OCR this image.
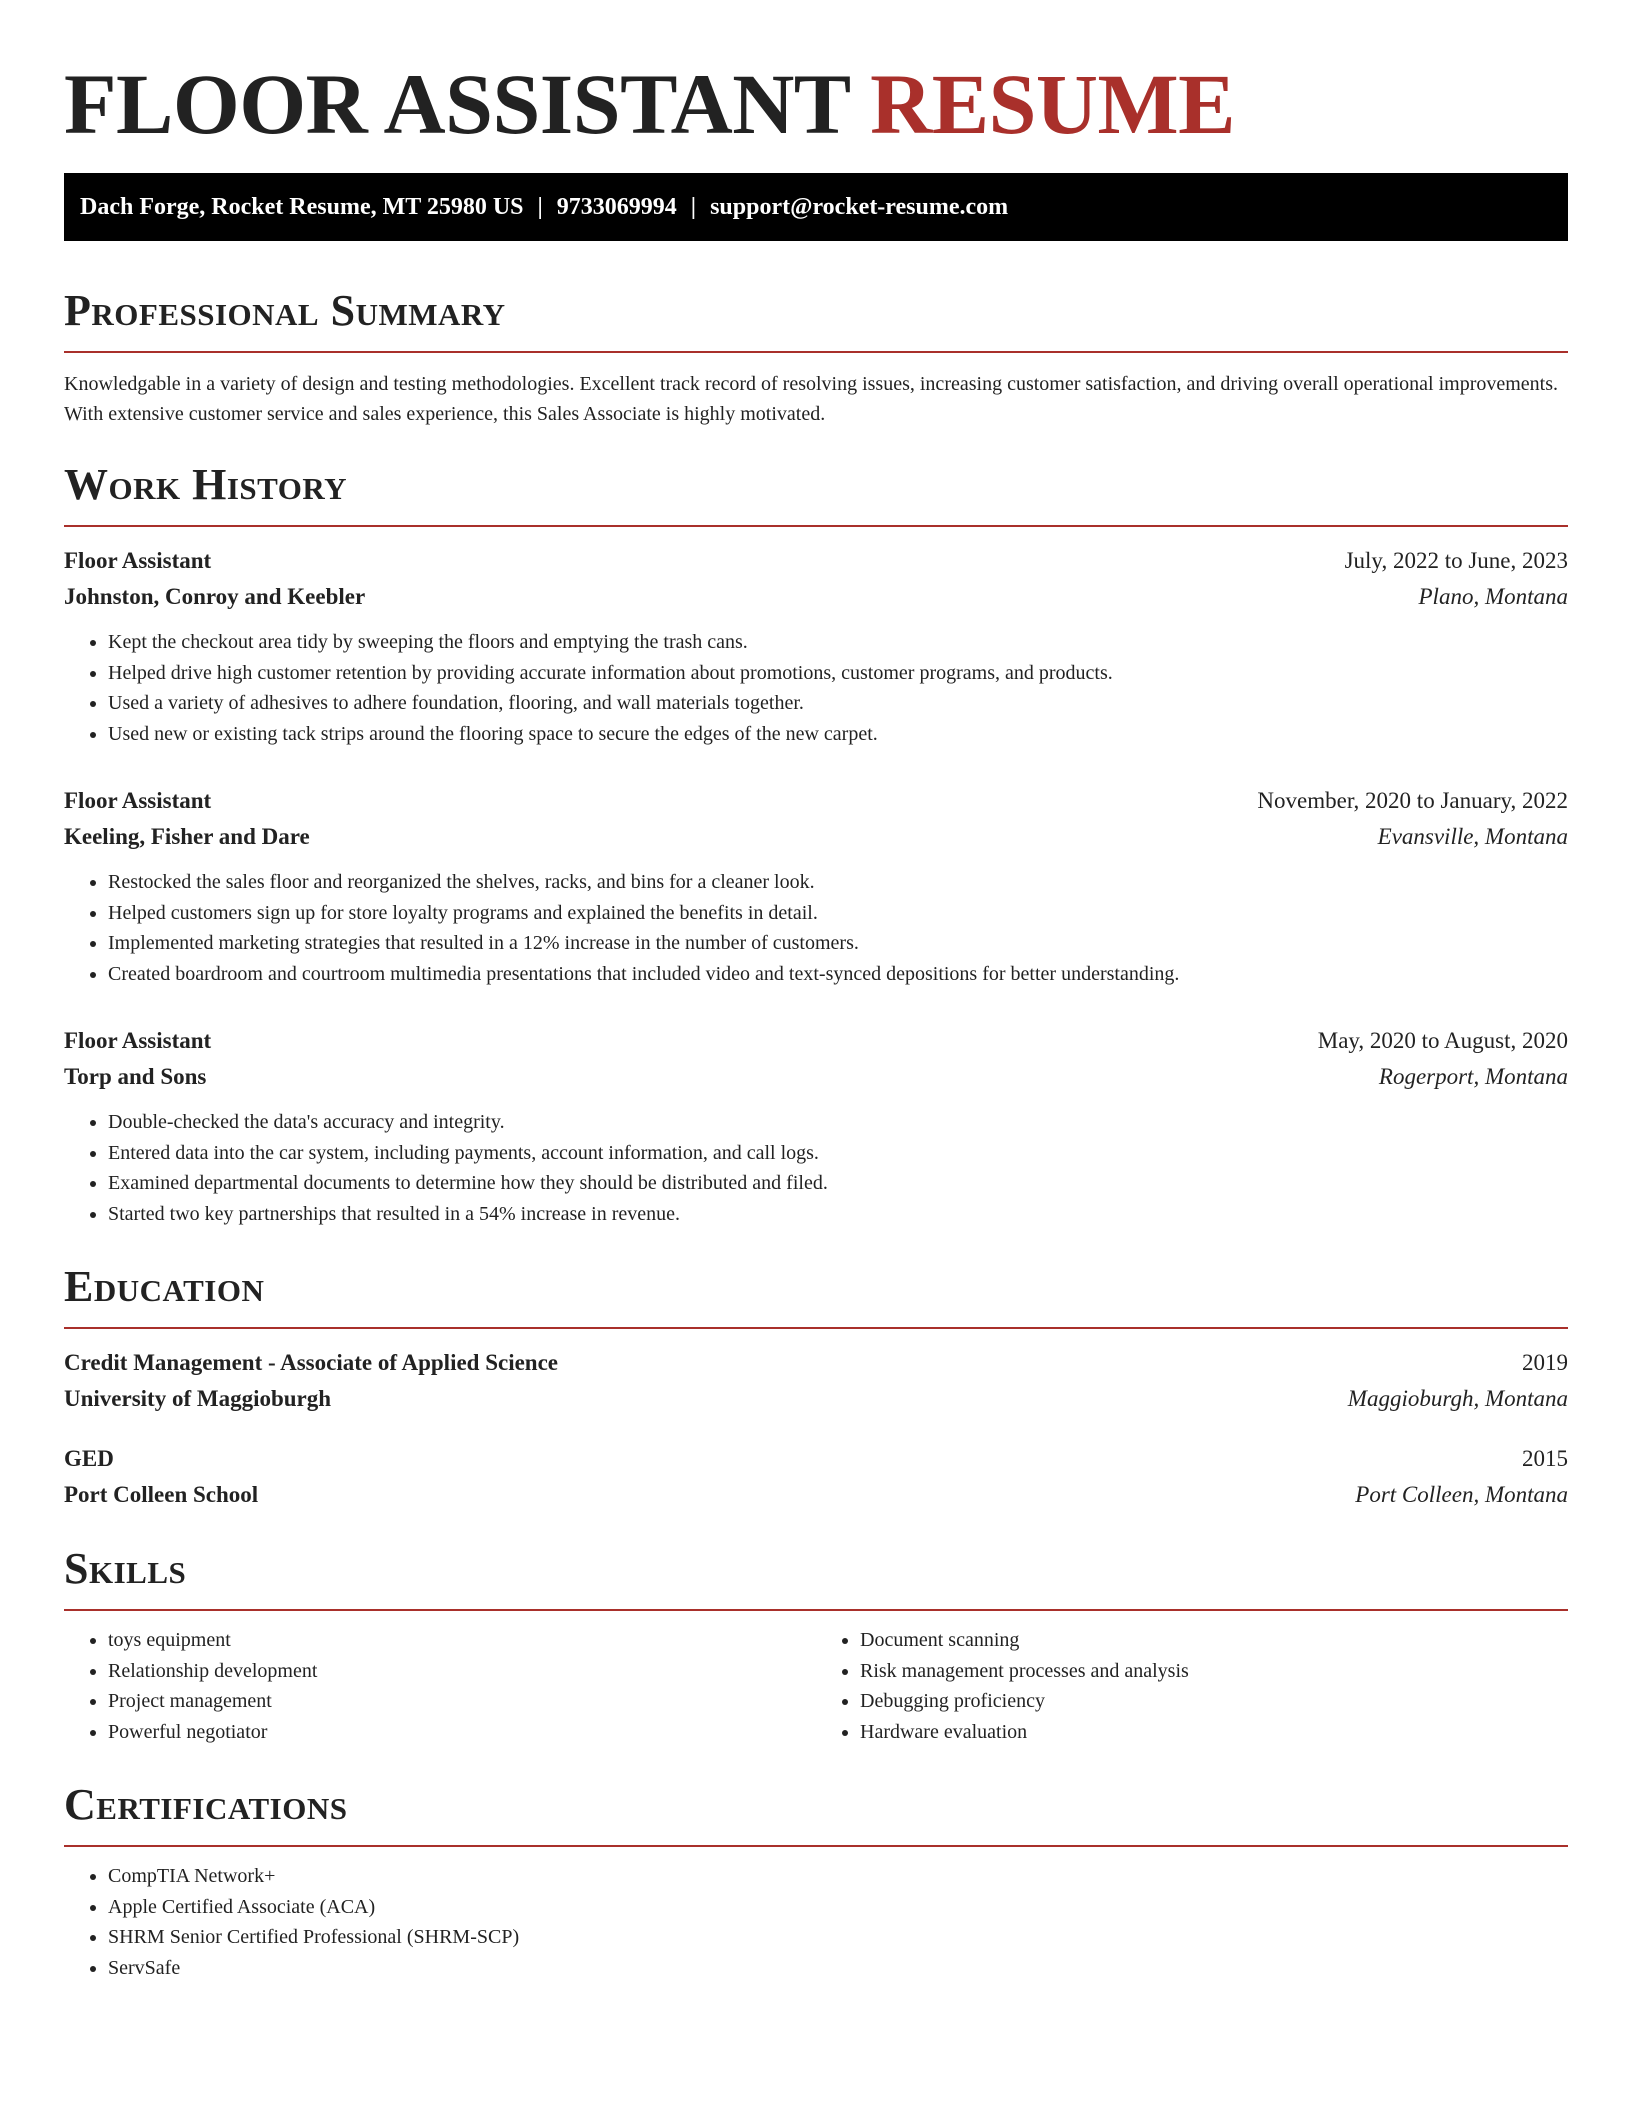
FLOOR ASSISTANT RESUME
Dach Forge, Rocket Resume, MT 25980 US | 9733069994 | support@rocket-resume.com
Professional Summary
Knowledgable in a variety of design and testing methodologies. Excellent track record of resolving issues, increasing customer satisfaction, and driving overall operational improvements. With extensive customer service and sales experience, this Sales Associate is highly motivated.
Work History
Floor Assistant	July, 2022 to June, 2023
Johnston, Conroy and Keebler	Plano, Montana
• Kept the checkout area tidy by sweeping the floors and emptying the trash cans.
• Helped drive high customer retention by providing accurate information about promotions, customer programs, and products.
• Used a variety of adhesives to adhere foundation, flooring, and wall materials together.
• Used new or existing tack strips around the flooring space to secure the edges of the new carpet.
Floor Assistant	November, 2020 to January, 2022
Keeling, Fisher and Dare	Evansville, Montana
• Restocked the sales floor and reorganized the shelves, racks, and bins for a cleaner look.
• Helped customers sign up for store loyalty programs and explained the benefits in detail.
• Implemented marketing strategies that resulted in a 12% increase in the number of customers.
• Created boardroom and courtroom multimedia presentations that included video and text-synced depositions for better understanding.
Floor Assistant	May, 2020 to August, 2020
Torp and Sons	Rogerport, Montana
• Double-checked the data's accuracy and integrity.
• Entered data into the car system, including payments, account information, and call logs.
• Examined departmental documents to determine how they should be distributed and filed.
• Started two key partnerships that resulted in a 54% increase in revenue.
Education
Credit Management - Associate of Applied Science	2019
University of Maggioburgh	Maggioburgh, Montana
GED	2015
Port Colleen School	Port Colleen, Montana
Skills
• toys equipment
• Relationship development
• Project management
• Powerful negotiator
• Document scanning
• Risk management processes and analysis
• Debugging proficiency
• Hardware evaluation
Certifications
• CompTIA Network+
• Apple Certified Associate (ACA)
• SHRM Senior Certified Professional (SHRM-SCP)
• ServSafe
